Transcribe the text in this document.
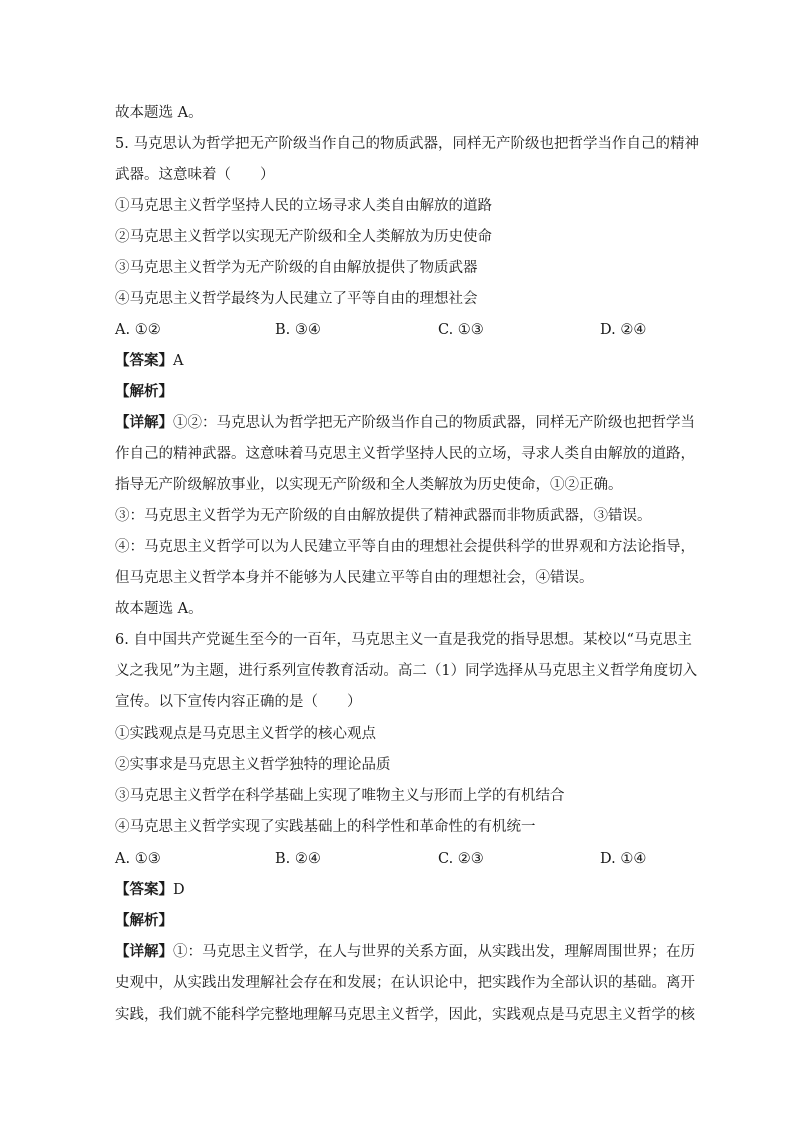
故本题选 A。
5. 马克思认为哲学把无产阶级当作自己的物质武器，同样无产阶级也把哲学当作自己的精神
武器。这意味着（　　）
①马克思主义哲学坚持人民的立场寻求人类自由解放的道路
②马克思主义哲学以实现无产阶级和全人类解放为历史使命
③马克思主义哲学为无产阶级的自由解放提供了物质武器
④马克思主义哲学最终为人民建立了平等自由的理想社会
A. ①②	B. ③④	C. ①③	D. ②④
【答案】A
【解析】
【详解】①②：马克思认为哲学把无产阶级当作自己的物质武器，同样无产阶级也把哲学当
作自己的精神武器。这意味着马克思主义哲学坚持人民的立场，寻求人类自由解放的道路，
指导无产阶级解放事业，以实现无产阶级和全人类解放为历史使命，①②正确。
③：马克思主义哲学为无产阶级的自由解放提供了精神武器而非物质武器，③错误。
④：马克思主义哲学可以为人民建立平等自由的理想社会提供科学的世界观和方法论指导，
但马克思主义哲学本身并不能够为人民建立平等自由的理想社会，④错误。
故本题选 A。
6. 自中国共产党诞生至今的一百年，马克思主义一直是我党的指导思想。某校以“马克思主
义之我见”为主题，进行系列宣传教育活动。高二（1）同学选择从马克思主义哲学角度切入
宣传。以下宣传内容正确的是（　　）
①实践观点是马克思主义哲学的核心观点
②实事求是马克思主义哲学独特的理论品质
③马克思主义哲学在科学基础上实现了唯物主义与形而上学的有机结合
④马克思主义哲学实现了实践基础上的科学性和革命性的有机统一
A. ①③	B. ②④	C. ②③	D. ①④
【答案】D
【解析】
【详解】①：马克思主义哲学，在人与世界的关系方面，从实践出发，理解周围世界；在历
史观中，从实践出发理解社会存在和发展；在认识论中，把实践作为全部认识的基础。离开
实践，我们就不能科学完整地理解马克思主义哲学，因此，实践观点是马克思主义哲学的核
